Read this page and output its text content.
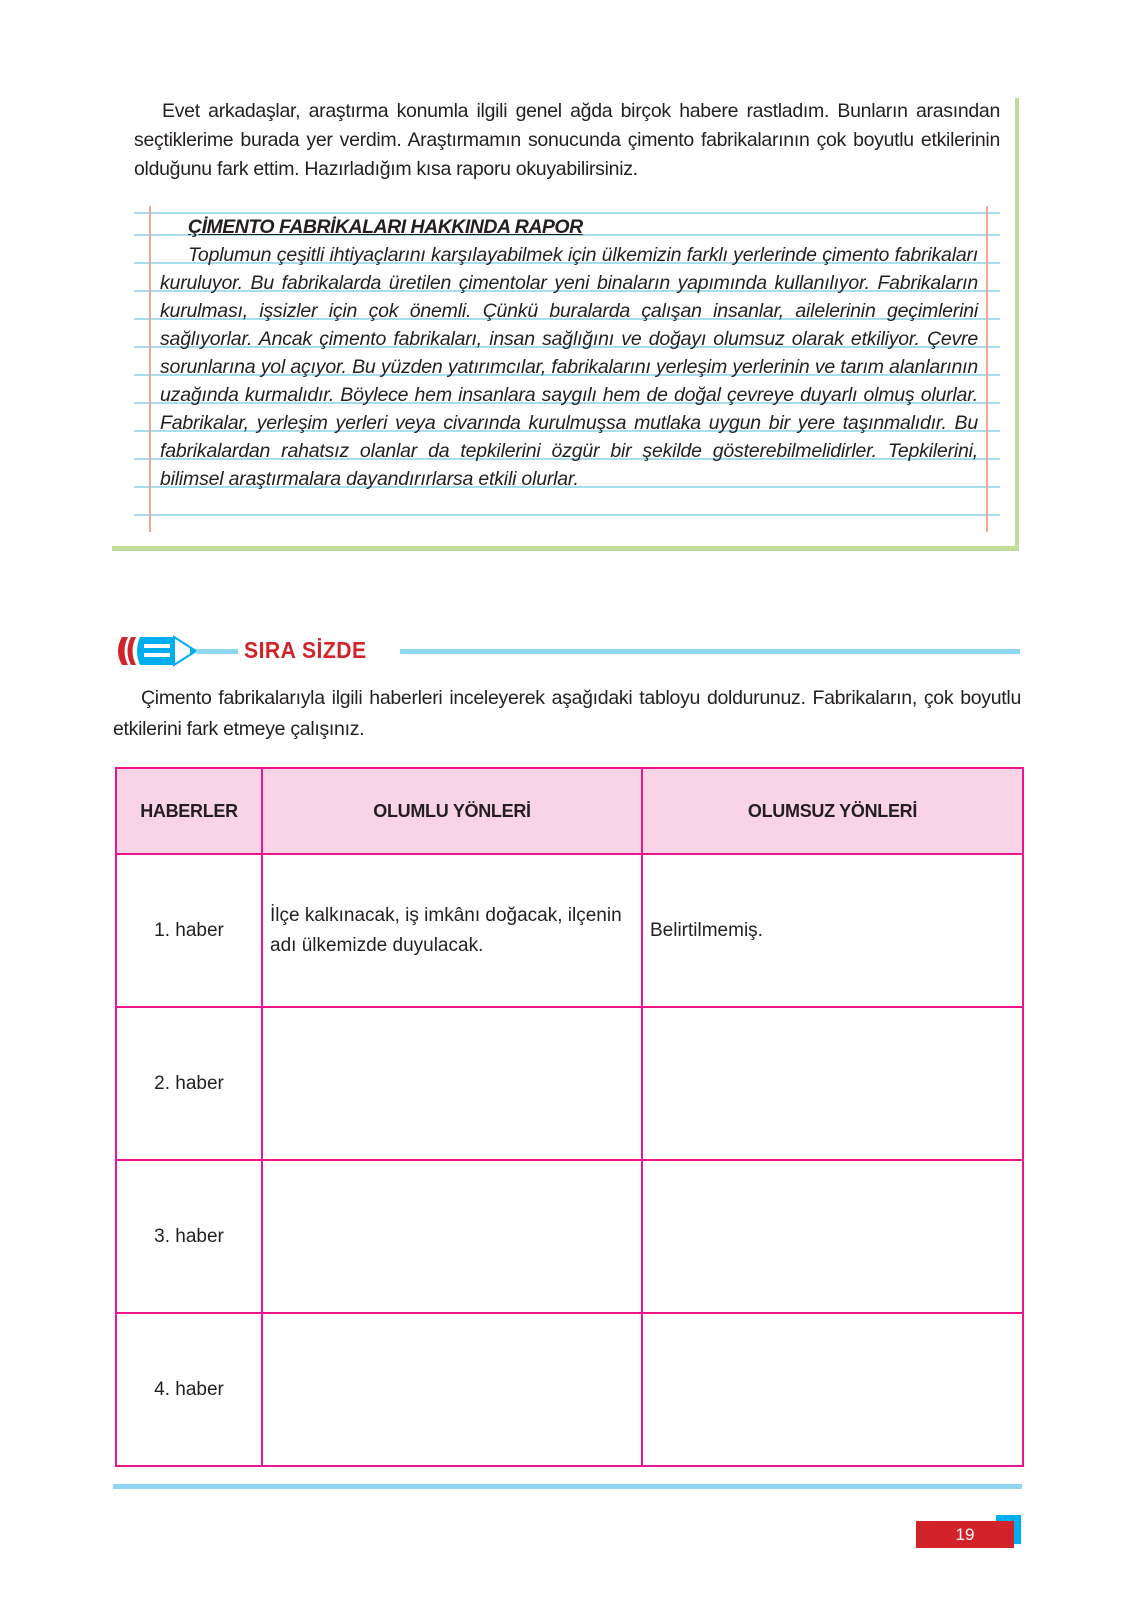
Evet arkadaşlar, araştırma konumla ilgili genel ağda birçok habere rastladım. Bunların arasından seçtiklerime burada yer verdim. Araştırmamın sonucunda çimento fabrikalarının çok boyutlu etkilerinin olduğunu fark ettim. Hazırladığım kısa raporu okuyabilirsiniz.

ÇİMENTO FABRİKALARI HAKKINDA RAPOR
Toplumun çeşitli ihtiyaçlarını karşılayabilmek için ülkemizin farklı yerlerinde çimento fabrikaları kuruluyor. Bu fabrikalarda üretilen çimentolar yeni binaların yapımında kullanılıyor. Fabrikaların kurulması, işsizler için çok önemli. Çünkü buralarda çalışan insanlar, ailelerinin geçimlerini sağlıyorlar. Ancak çimento fabrikaları, insan sağlığını ve doğayı olumsuz olarak etkiliyor. Çevre sorunlarına yol açıyor. Bu yüzden yatırımcılar, fabrikalarını yerleşim yerlerinin ve tarım alanlarının uzağında kurmalıdır. Böylece hem insanlara saygılı hem de doğal çevreye duyarlı olmuş olurlar. Fabrikalar, yerleşim yerleri veya civarında kurulmuşsa mutlaka uygun bir yere taşınmalıdır. Bu fabrikalardan rahatsız olanlar da tepkilerini özgür bir şekilde gösterebilmelidirler. Tepkilerini, bilimsel araştırmalara dayandırırlarsa etkili olurlar.
SIRA SİZDE

Çimento fabrikalarıyla ilgili haberleri inceleyerek aşağıdaki tabloyu doldurunuz. Fabrikaların, çok boyutlu etkilerini fark etmeye çalışınız.

HABERLER	OLUMLU YÖNLERİ	OLUMSUZ YÖNLERİ
1. haber	İlçe kalkınacak, iş imkânı doğacak, ilçenin adı ülkemizde duyulacak.	Belirtilmemiş.
2. haber		
3. haber		
4. haber		
19
